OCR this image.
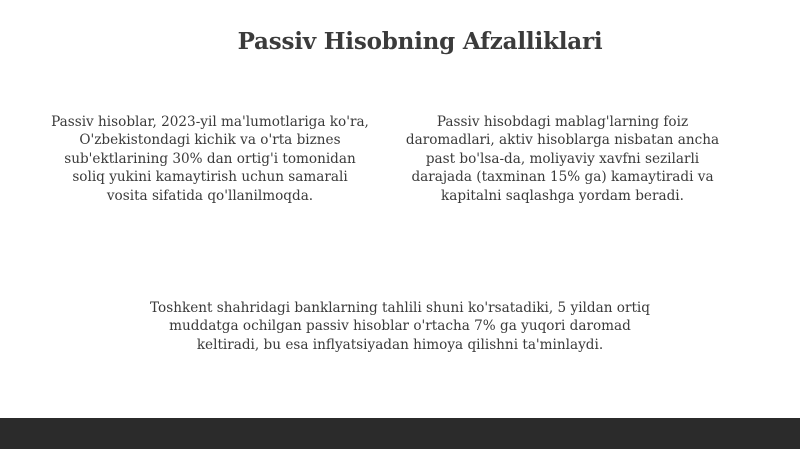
Passiv Hisobning Afzalliklari

Passiv hisoblar, 2023-yil ma'lumotlariga ko'ra, O'zbekistondagi kichik va o'rta biznes sub'ektlarining 30% dan ortig'i tomonidan soliq yukini kamaytirish uchun samarali vosita sifatida qo'llanilmoqda.

Passiv hisobdagi mablag'larning foiz daromadlari, aktiv hisoblarga nisbatan ancha past bo'lsa-da, moliyaviy xavfni sezilarli darajada (taxminan 15% ga) kamaytiradi va kapitalni saqlashga yordam beradi.

Toshkent shahridagi banklarning tahlili shuni ko'rsatadiki, 5 yildan ortiq muddatga ochilgan passiv hisoblar o'rtacha 7% ga yuqori daromad keltiradi, bu esa inflyatsiyadan himoya qilishni ta'minlaydi.
